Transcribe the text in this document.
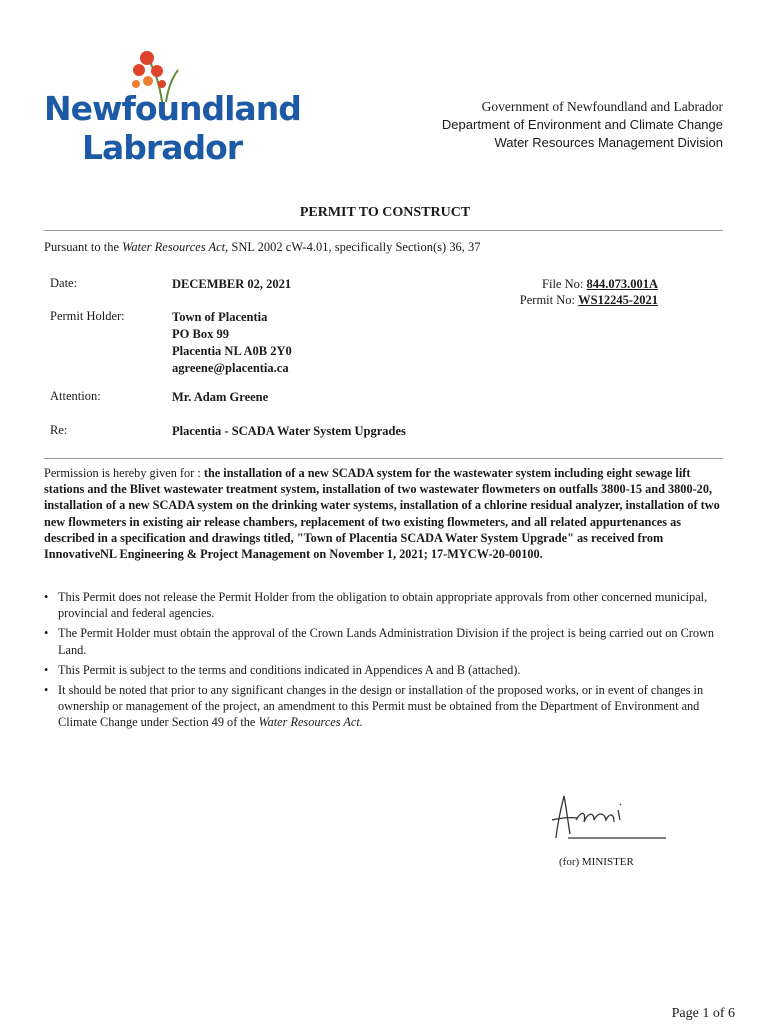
Newfoundland
Labrador
Government of Newfoundland and Labrador
Department of Environment and Climate Change
Water Resources Management Division
PERMIT TO CONSTRUCT
Pursuant to the Water Resources Act, SNL 2002 cW-4.01, specifically Section(s) 36, 37
Date:	DECEMBER 02, 2021	File No: 844.073.001A
Permit No: WS12245-2021
Permit Holder:	Town of Placentia
PO Box 99
Placentia NL A0B 2Y0
agreene@placentia.ca
Attention:	Mr. Adam Greene
Re:	Placentia - SCADA Water System Upgrades
Permission is hereby given for : the installation of a new SCADA system for the wastewater system including eight sewage lift stations and the Blivet wastewater treatment system, installation of two wastewater flowmeters on outfalls 3800-15 and 3800-20, installation of a new SCADA system on the drinking water systems, installation of a chlorine residual analyzer, installation of two new flowmeters in existing air release chambers, replacement of two existing flowmeters, and all related appurtenances as described in a specification and drawings titled, "Town of Placentia SCADA Water System Upgrade" as received from InnovativeNL Engineering & Project Management on November 1, 2021; 17-MYCW-20-00100.
• This Permit does not release the Permit Holder from the obligation to obtain appropriate approvals from other concerned municipal, provincial and federal agencies.
• The Permit Holder must obtain the approval of the Crown Lands Administration Division if the project is being carried out on Crown Land.
• This Permit is subject to the terms and conditions indicated in Appendices A and B (attached).
• It should be noted that prior to any significant changes in the design or installation of the proposed works, or in event of changes in ownership or management of the project, an amendment to this Permit must be obtained from the Department of Environment and Climate Change under Section 49 of the Water Resources Act.
(for) MINISTER
Page 1 of 6
